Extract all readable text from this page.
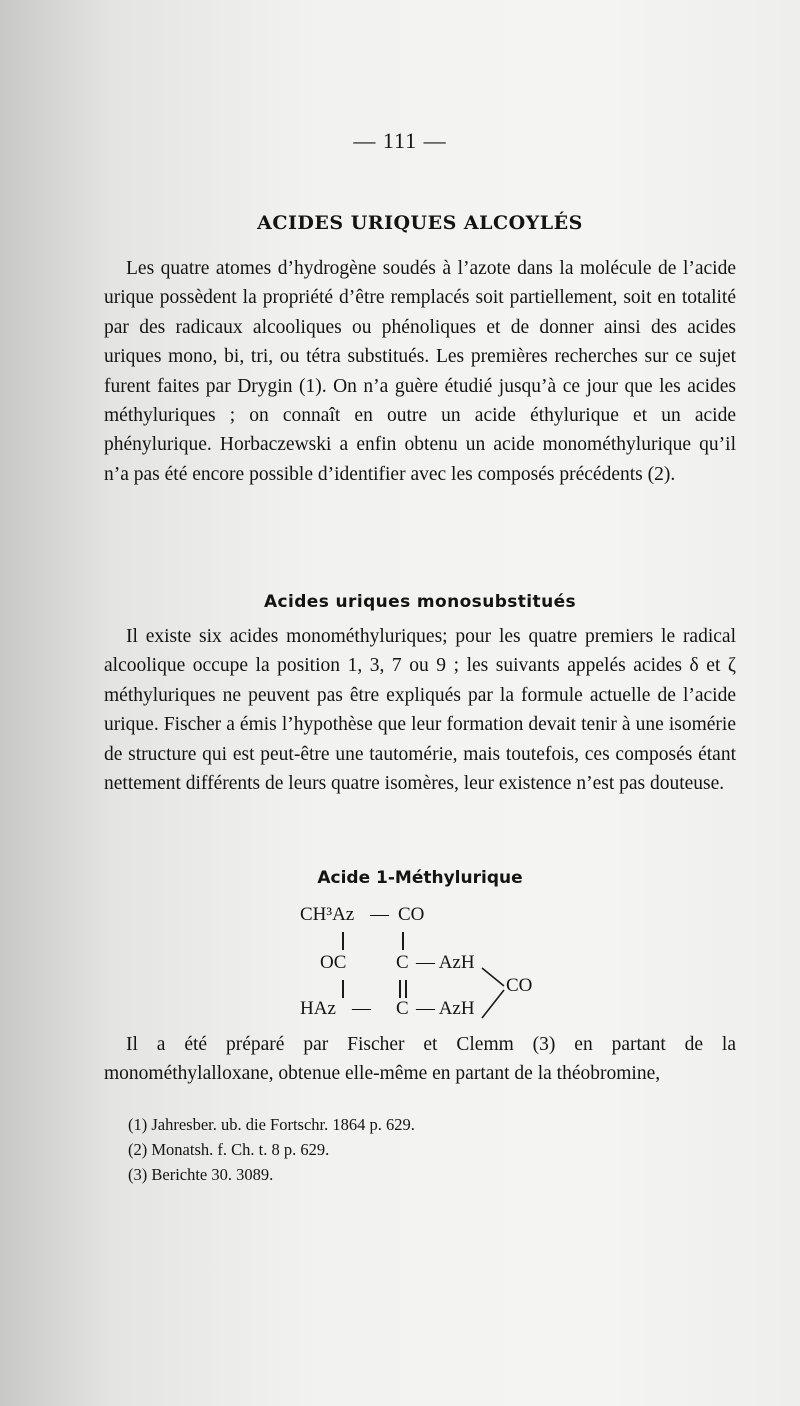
— 111 —
ACIDES URIQUES ALCOYLÉS

Les quatre atomes d’hydrogène soudés à l’azote dans la molécule de l’acide urique possèdent la propriété d’être remplacés soit partiellement, soit en totalité par des radicaux alcooliques ou phénoliques et de donner ainsi des acides uriques mono, bi, tri, ou tétra substitués. Les premières recherches sur ce sujet furent faites par Drygin (1). On n’a guère étudié jusqu’à ce jour que les acides méthyluriques ; on connaît en outre un acide éthylurique et un acide phénylurique. Horbaczewski a enfin obtenu un acide monométhylurique qu’il n’a pas été encore possible d’identifier avec les composés précédents (2).

Acides uriques monosubstitués

Il existe six acides monométhyluriques; pour les quatre premiers le radical alcoolique occupe la position 1, 3, 7 ou 9 ; les suivants appelés acides δ et ζ méthyluriques ne peuvent pas être expliqués par la formule actuelle de l’acide urique. Fischer a émis l’hypothèse que leur formation devait tenir à une isomérie de structure qui est peut-être une tautomérie, mais toutefois, ces composés étant nettement différents de leurs quatre isomères, leur existence n’est pas douteuse.

Acide 1-Méthylurique
CH³Az — CO
OC	C — AzH
HAz — C — AzH
CO

Il a été préparé par Fischer et Clemm (3) en partant de la monométhylalloxane, obtenue elle-même en partant de la théobromine,

(1) Jahresber. ub. die Fortschr. 1864 p. 629.
(2) Monatsh. f. Ch. t. 8 p. 629.
(3) Berichte 30. 3089.
